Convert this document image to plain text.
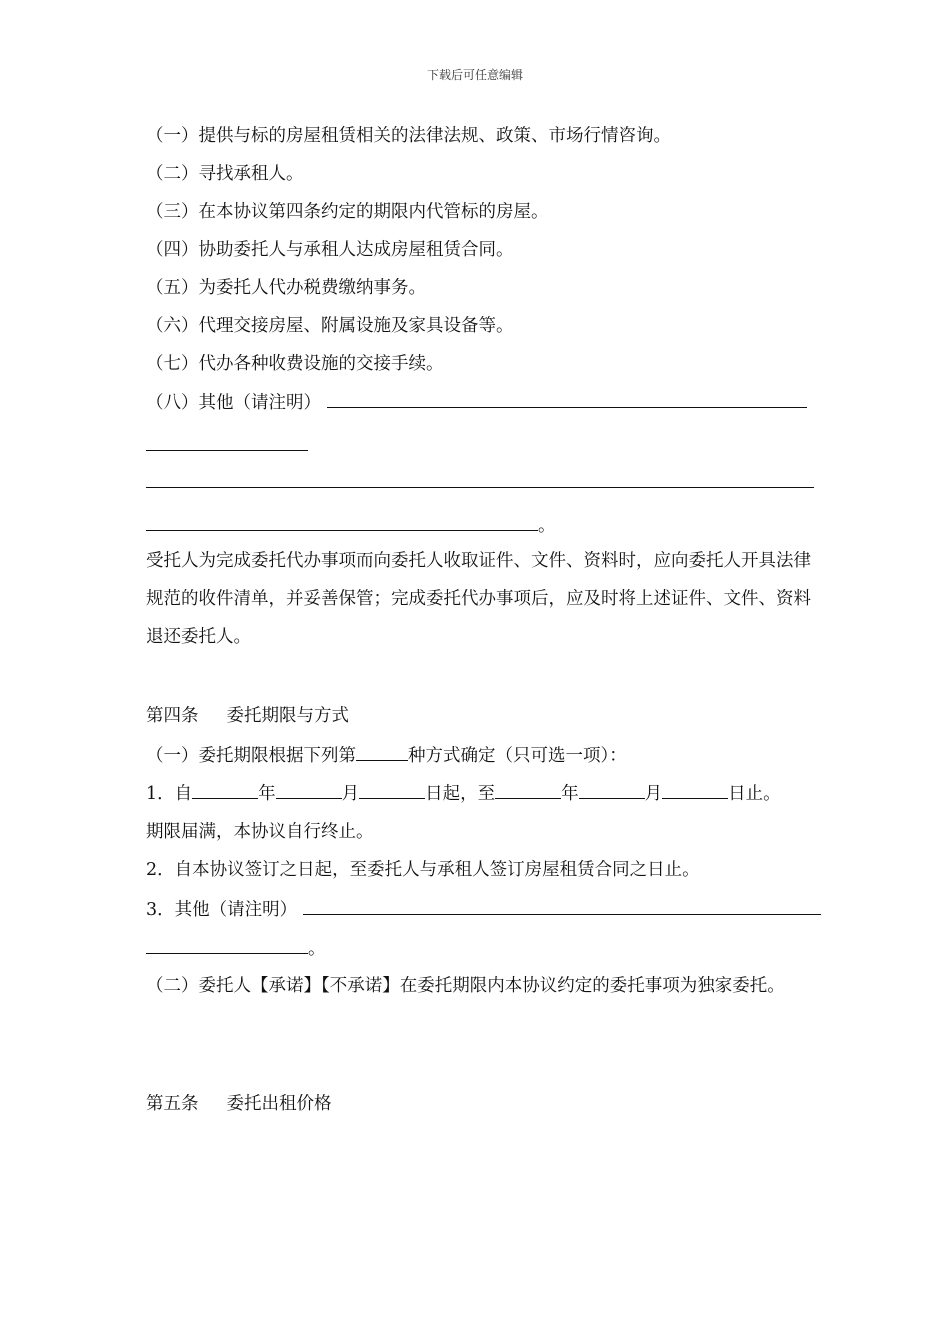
下载后可任意编辑
（一）提供与标的房屋租赁相关的法律法规、政策、市场行情咨询。
（二）寻找承租人。
（三）在本协议第四条约定的期限内代管标的房屋。
（四）协助委托人与承租人达成房屋租赁合同。
（五）为委托人代办税费缴纳事务。
（六）代理交接房屋、附属设施及家具设备等。
（七）代办各种收费设施的交接手续。
（八）其他（请注明）
。
受托人为完成委托代办事项而向委托人收取证件、文件、资料时，应向委托人开具法律规范的收件清单，并妥善保管；完成委托代办事项后，应及时将上述证件、文件、资料退还委托人。
第四条 委托期限与方式
（一）委托期限根据下列第	种方式确定（只可选一项）：
1．自	年	月	日起，至	年	月	日止。
期限届满，本协议自行终止。
2．自本协议签订之日起，至委托人与承租人签订房屋租赁合同之日止。
3．其他（请注明）
。
（二）委托人【承诺】【不承诺】在委托期限内本协议约定的委托事项为独家委托。
第五条 委托出租价格
